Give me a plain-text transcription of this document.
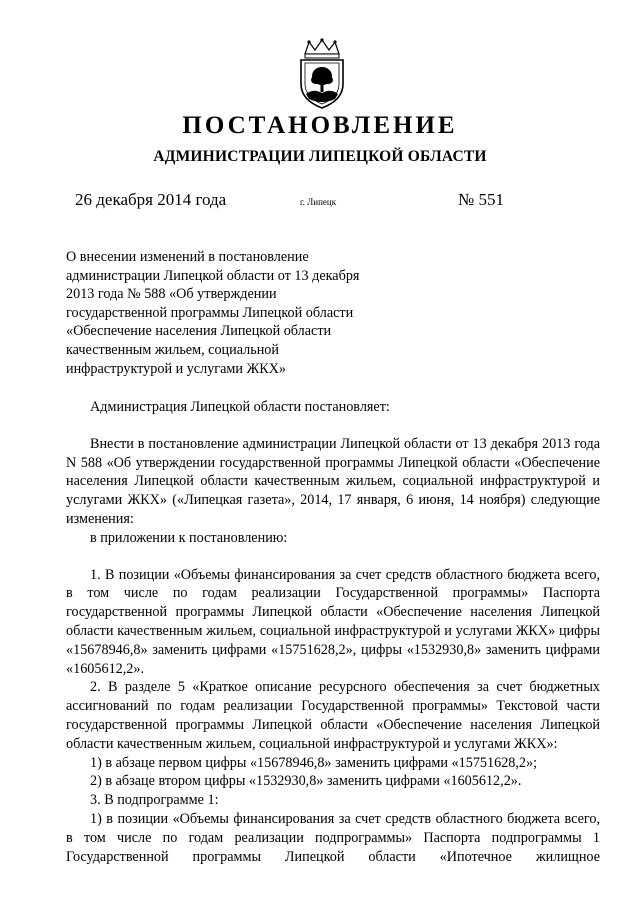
ПОСТАНОВЛЕНИЕ
АДМИНИСТРАЦИИ ЛИПЕЦКОЙ ОБЛАСТИ
26 декабря 2014 года	г. Липецк	№ 551
О внесении изменений в постановление администрации Липецкой области от 13 декабря 2013 года № 588 «Об утверждении государственной программы Липецкой области «Обеспечение населения Липецкой области качественным жильем, социальной инфраструктурой и услугами ЖКХ»

Администрация Липецкой области постановляет:

Внести в постановление администрации Липецкой области от 13 декабря 2013 года N 588 «Об утверждении государственной программы Липецкой области «Обеспечение населения Липецкой области качественным жильем, социальной инфраструктурой и услугами ЖКХ» («Липецкая газета», 2014, 17 января, 6 июня, 14 ноября) следующие изменения:

в приложении к постановлению:

1. В позиции «Объемы финансирования за счет средств областного бюджета всего, в том числе по годам реализации Государственной программы» Паспорта государственной программы Липецкой области «Обеспечение населения Липецкой области качественным жильем, социальной инфраструктурой и услугами ЖКХ» цифры «15678946,8» заменить цифрами «15751628,2», цифры «1532930,8» заменить цифрами «1605612,2».

2. В разделе 5 «Краткое описание ресурсного обеспечения за счет бюджетных ассигнований по годам реализации Государственной программы» Текстовой части государственной программы Липецкой области «Обеспечение населения Липецкой области качественным жильем, социальной инфраструктурой и услугами ЖКХ»:

1) в абзаце первом цифры «15678946,8» заменить цифрами «15751628,2»;

2) в абзаце втором цифры «1532930,8» заменить цифрами «1605612,2».

3. В подпрограмме 1:

1) в позиции «Объемы финансирования за счет средств областного бюджета всего, в том числе по годам реализации подпрограммы» Паспорта подпрограммы 1 Государственной программы Липецкой области «Ипотечное жилищное
